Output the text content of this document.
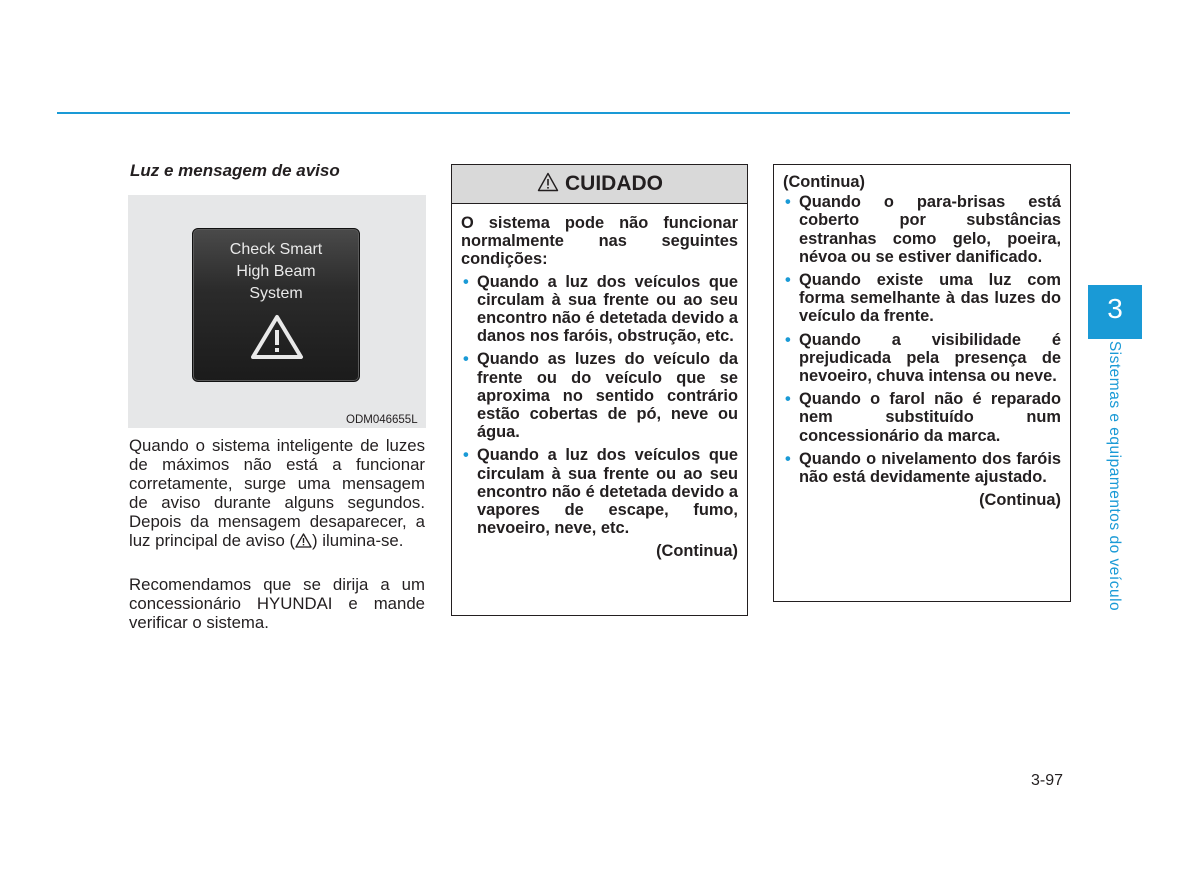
Luz e mensagem de aviso
Check Smart
High Beam
System
ODM046655L
Quando o sistema inteligente de luzes de máximos não está a funcionar corretamente, surge uma mensagem de aviso durante alguns segundos. Depois da mensagem desaparecer, a luz principal de aviso ( ) ilumina-se.
Recomendamos que se dirija a um concessionário HYUNDAI e mande verificar o sistema.
CUIDADO
O sistema pode não funcionar normalmente nas seguintes condições:
• Quando a luz dos veículos que circulam à sua frente ou ao seu encontro não é detetada devido a danos nos faróis, obstrução, etc.
• Quando as luzes do veículo da frente ou do veículo que se aproxima no sentido contrário estão cobertas de pó, neve ou água.
• Quando a luz dos veículos que circulam à sua frente ou ao seu encontro não é detetada devido a vapores de escape, fumo, nevoeiro, neve, etc.
(Continua)
(Continua)
• Quando o para-brisas está coberto por substâncias estranhas como gelo, poeira, névoa ou se estiver danificado.
• Quando existe uma luz com forma semelhante à das luzes do veículo da frente.
• Quando a visibilidade é prejudicada pela presença de nevoeiro, chuva intensa ou neve.
• Quando o farol não é reparado nem substituído num concessionário da marca.
• Quando o nivelamento dos faróis não está devidamente ajustado.
(Continua)
3
Sistemas e equipamentos do veículo
3-97
